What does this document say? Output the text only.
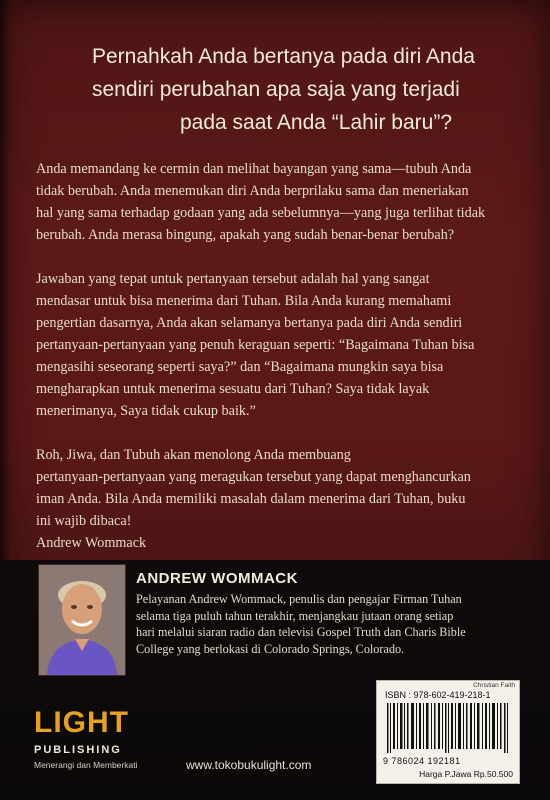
Pernahkah Anda bertanya pada diri Anda
sendiri perubahan apa saja yang terjadi
pada saat Anda “Lahir baru”?

Anda memandang ke cermin dan melihat bayangan yang sama—tubuh Anda
tidak berubah. Anda menemukan diri Anda berprilaku sama dan meneriakan
hal yang sama terhadap godaan yang ada sebelumnya—yang juga terlihat tidak
berubah. Anda merasa bingung, apakah yang sudah benar-benar berubah?

Jawaban yang tepat untuk pertanyaan tersebut adalah hal yang sangat
mendasar untuk bisa menerima dari Tuhan. Bila Anda kurang memahami
pengertian dasarnya, Anda akan selamanya bertanya pada diri Anda sendiri
pertanyaan-pertanyaan yang penuh keraguan seperti: “Bagaimana Tuhan bisa
mengasihi seseorang seperti saya?” dan “Bagaimana mungkin saya bisa
mengharapkan untuk menerima sesuatu dari Tuhan? Saya tidak layak
menerimanya, Saya tidak cukup baik.”

Roh, Jiwa, dan Tubuh akan menolong Anda membuang
pertanyaan-pertanyaan yang meragukan tersebut yang dapat menghancurkan
iman Anda. Bila Anda memiliki masalah dalam menerima dari Tuhan, buku
ini wajib dibaca!
Andrew Wommack

ANDREW WOMMACK
Pelayanan Andrew Wommack, penulis dan pengajar Firman Tuhan
selama tiga puluh tahun terakhir, menjangkau jutaan orang setiap
hari melalui siaran radio dan televisi Gospel Truth dan Charis Bible
College yang berlokasi di Colorado Springs, Colorado.
LIGHT
PUBLISHING
Menerangi dan Memberkati	www.tokobukulight.com
Christian Faith
ISBN : 978-602-419-218-1
9 786024 192181
Harga P.Jawa Rp.50.500
